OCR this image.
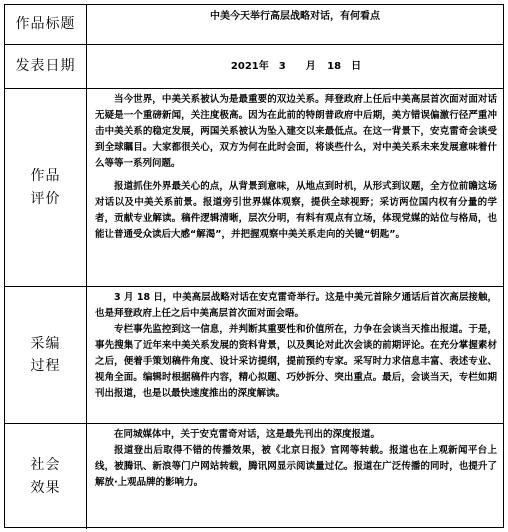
作品标题	中美今天举行高层战略对话，有何看点
发表日期	2021年　3　　月 18　日
作品
评价

当今世界，中美关系被认为是最重要的双边关系。拜登政府上任后中美高层首次面对面对话无疑是一个重磅新闻，关注度极高。因为在此前的特朗普政府中后期，美方错误偏激行径严重冲击中美关系的稳定发展，两国关系被认为坠入建交以来最低点。在这一背景下，安克雷奇会谈受到全球瞩目。大家都很关心，双方为何在此时会面，将谈些什么，对中美关系未来发展意味着什么等等一系列问题。

报道抓住外界最关心的点，从背景到意味，从地点到时机，从形式到议题，全方位前瞻这场对话以及中美关系前景。报道旁引世界媒体观察，提供全球视野；采访两位国内权有分量的学者，贡献专业解读。稿件逻辑清晰，层次分明，有料有观点有立场，体现党媒的站位与格局，也能让普通受众读后大感“解渴”，并把握观察中美关系走向的关键“钥匙”。

采编
过程

3 月 18 日，中美高层战略对话在安克雷奇举行。这是中美元首除夕通话后首次高层接触，也是拜登政府上任之后中美高层首次面对面会晤。

专栏事先监控到这一信息，并判断其重要性和价值所在，力争在会谈当天推出报道。于是，事先搜集了近年来中美关系发展的资料背景，以及舆论对此次会谈的前期评论。在充分掌握素材之后，便着手策划稿件角度、设计采访提纲，提前预约专家。采写时力求信息丰富、表述专业、视角全面。编辑时根据稿件内容，精心拟题、巧妙拆分、突出重点。最后，会谈当天，专栏如期刊出报道，也是以最快速度推出的深度解读。

社会
效果

在同城媒体中，关于安克雷奇对话，这是最先刊出的深度报道。

报道登出后取得不错的传播效果，被《北京日报》官网等转载。报道也在上观新闻平台上线，被腾讯、新浪等门户网站转载，腾讯网显示阅读量过亿。报道在广泛传播的同时，也提升了解放·上观品牌的影响力。
